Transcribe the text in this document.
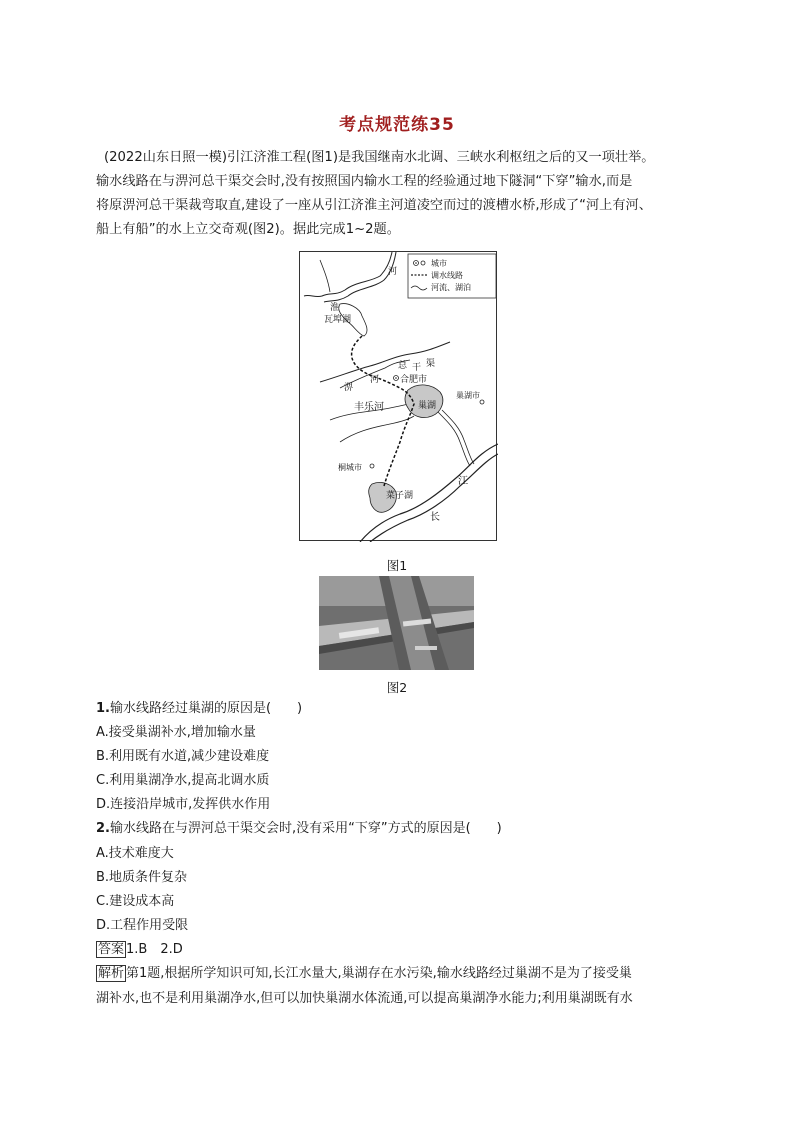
考点规范练35
(2022山东日照一模)引江济淮工程(图1)是我国继南水北调、三峡水利枢纽之后的又一项壮举。
输水线路在与淠河总干渠交会时,没有按照国内输水工程的经验通过地下隧洞“下穿”输水,而是
将原淠河总干渠裁弯取直,建设了一座从引江济淮主河道凌空而过的渡槽水桥,形成了“河上有河、
船上有船”的水上立交奇观(图2)。据此完成1~2题。
城市
调水线路
河流、湖泊
河
淮
瓦埠湖
干 渠
总
淠
河 合肥市
丰乐河	巢湖
巢湖市
桐城市
菜子湖
江
长
图1
图2
1.输水线路经过巢湖的原因是(　　)
A.接受巢湖补水,增加输水量
B.利用既有水道,减少建设难度
C.利用巢湖净水,提高北调水质
D.连接沿岸城市,发挥供水作用
2.输水线路在与淠河总干渠交会时,没有采用“下穿”方式的原因是(　　)
A.技术难度大
B.地质条件复杂
C.建设成本高
D.工程作用受限
答案 1.B　2.D
解析 第1题,根据所学知识可知,长江水量大,巢湖存在水污染,输水线路经过巢湖不是为了接受巢
湖补水,也不是利用巢湖净水,但可以加快巢湖水体流通,可以提高巢湖净水能力;利用巢湖既有水
